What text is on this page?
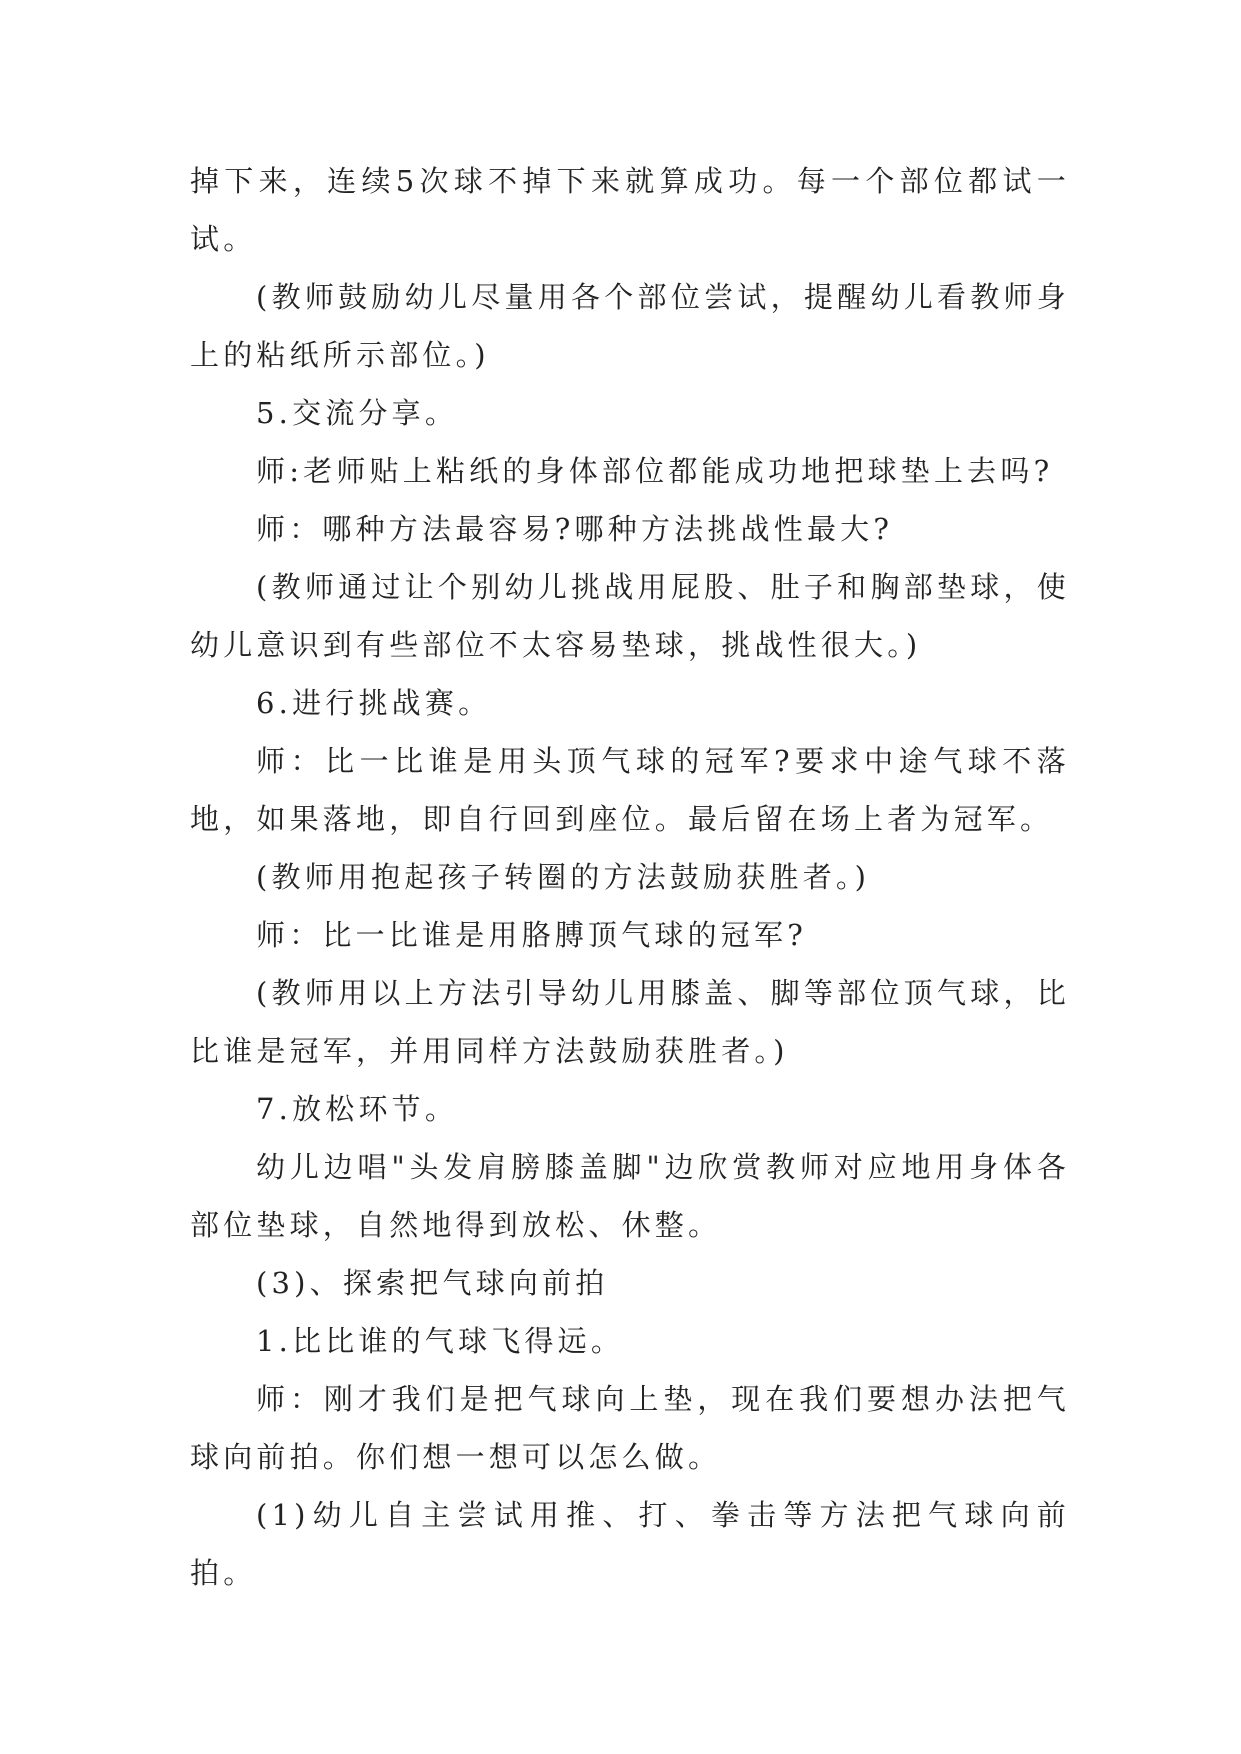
掉下来，连续5次球不掉下来就算成功。每一个部位都试一试。

(教师鼓励幼儿尽量用各个部位尝试，提醒幼儿看教师身上的粘纸所示部位。)

5.交流分享。

师:老师贴上粘纸的身体部位都能成功地把球垫上去吗?

师：哪种方法最容易?哪种方法挑战性最大?

(教师通过让个别幼儿挑战用屁股、肚子和胸部垫球，使幼儿意识到有些部位不太容易垫球，挑战性很大。)

6.进行挑战赛。

师：比一比谁是用头顶气球的冠军?要求中途气球不落地，如果落地，即自行回到座位。最后留在场上者为冠军。

(教师用抱起孩子转圈的方法鼓励获胜者。)

师：比一比谁是用胳膊顶气球的冠军?

(教师用以上方法引导幼儿用膝盖、脚等部位顶气球，比比谁是冠军，并用同样方法鼓励获胜者。)

7.放松环节。

幼儿边唱"头发肩膀膝盖脚"边欣赏教师对应地用身体各部位垫球，自然地得到放松、休整。

(3)、探索把气球向前拍

1.比比谁的气球飞得远。

师：刚才我们是把气球向上垫，现在我们要想办法把气球向前拍。你们想一想可以怎么做。

(1)幼儿自主尝试用推、打、拳击等方法把气球向前拍。
